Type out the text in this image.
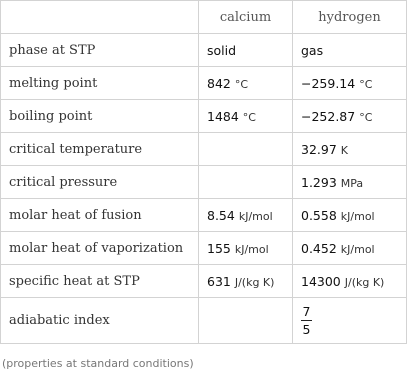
	calcium	hydrogen
phase at STP	solid	gas
melting point	842 °C	−259.14 °C
boiling point	1484 °C	−252.87 °C
critical temperature		32.97 K
critical pressure		1.293 MPa
molar heat of fusion	8.54 kJ/mol	0.558 kJ/mol
molar heat of vaporization	155 kJ/mol	0.452 kJ/mol
specific heat at STP	631 J/(kg K)	14300 J/(kg K)
adiabatic index		$\frac{7}{5}$
(properties at standard conditions)
